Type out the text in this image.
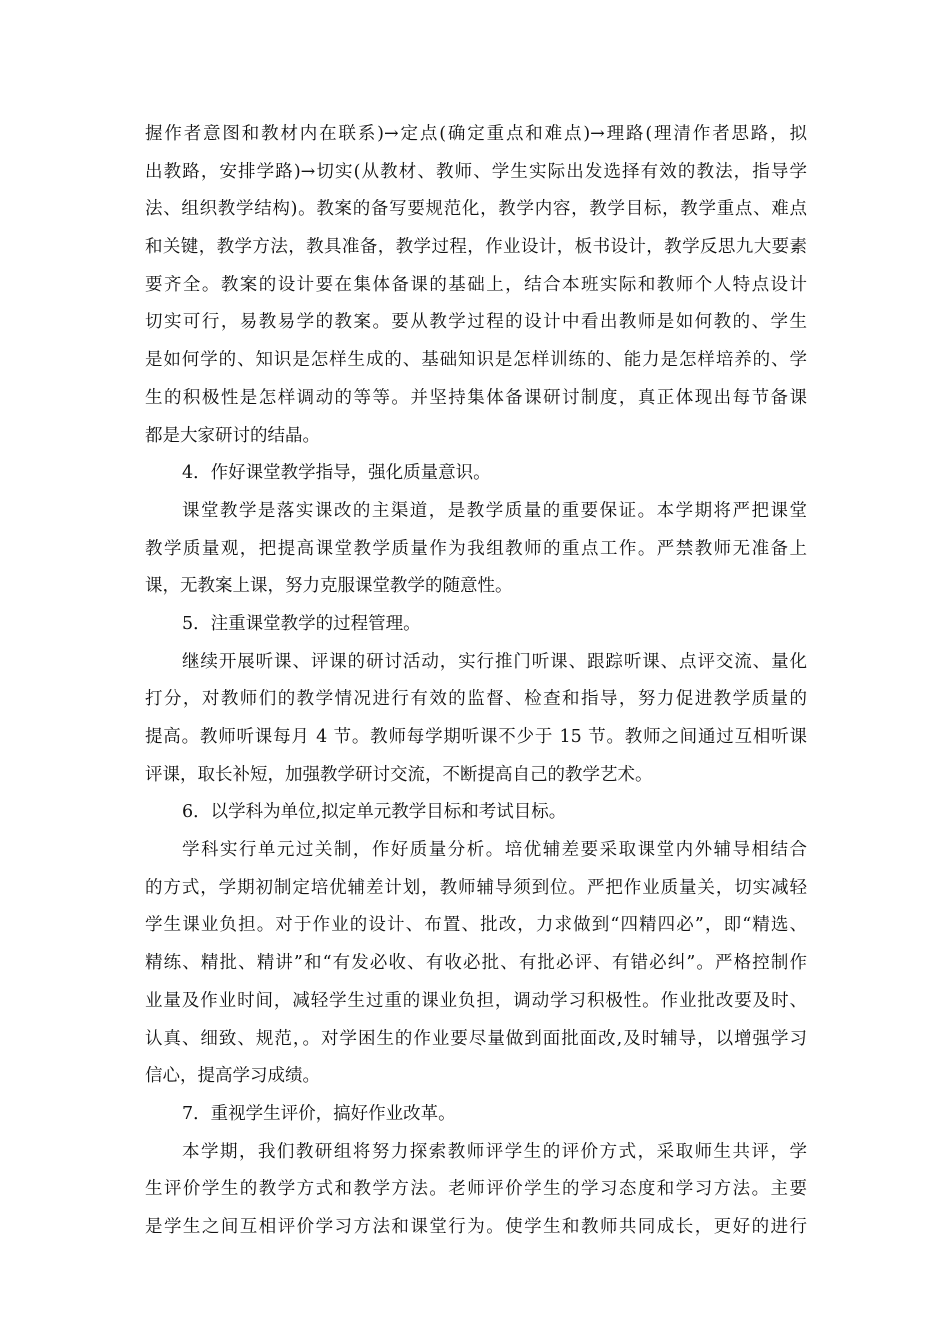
握作者意图和教材内在联系)→定点(确定重点和难点)→理路(理清作者思路，拟
出教路，安排学路)→切实(从教材、教师、学生实际出发选择有效的教法，指导学
法、组织教学结构)。教案的备写要规范化，教学内容，教学目标，教学重点、难点
和关键，教学方法，教具准备，教学过程，作业设计，板书设计，教学反思九大要素
要齐全。教案的设计要在集体备课的基础上，结合本班实际和教师个人特点设计
切实可行，易教易学的教案。要从教学过程的设计中看出教师是如何教的、学生
是如何学的、知识是怎样生成的、基础知识是怎样训练的、能力是怎样培养的、学
生的积极性是怎样调动的等等。并坚持集体备课研讨制度，真正体现出每节备课
都是大家研讨的结晶。
4．作好课堂教学指导，强化质量意识。
课堂教学是落实课改的主渠道，是教学质量的重要保证。本学期将严把课堂
教学质量观，把提高课堂教学质量作为我组教师的重点工作。严禁教师无准备上
课，无教案上课，努力克服课堂教学的随意性。
5．注重课堂教学的过程管理。
继续开展听课、评课的研讨活动，实行推门听课、跟踪听课、点评交流、量化
打分，对教师们的教学情况进行有效的监督、检查和指导，努力促进教学质量的
提高。教师听课每月 4 节。教师每学期听课不少于 15 节。教师之间通过互相听课
评课，取长补短，加强教学研讨交流，不断提高自己的教学艺术。
6．以学科为单位,拟定单元教学目标和考试目标。
学科实行单元过关制，作好质量分析。培优辅差要采取课堂内外辅导相结合
的方式，学期初制定培优辅差计划，教师辅导须到位。严把作业质量关，切实减轻
学生课业负担。对于作业的设计、布置、批改，力求做到“四精四必”，即“精选、
精练、精批、精讲”和“有发必收、有收必批、有批必评、有错必纠”。严格控制作
业量及作业时间，减轻学生过重的课业负担，调动学习积极性。作业批改要及时、
认真、细致、规范，。对学困生的作业要尽量做到面批面改,及时辅导，以增强学习
信心，提高学习成绩。
7．重视学生评价，搞好作业改革。
本学期，我们教研组将努力探索教师评学生的评价方式，采取师生共评，学
生评价学生的教学方式和教学方法。老师评价学生的学习态度和学习方法。主要
是学生之间互相评价学习方法和课堂行为。使学生和教师共同成长，更好的进行
